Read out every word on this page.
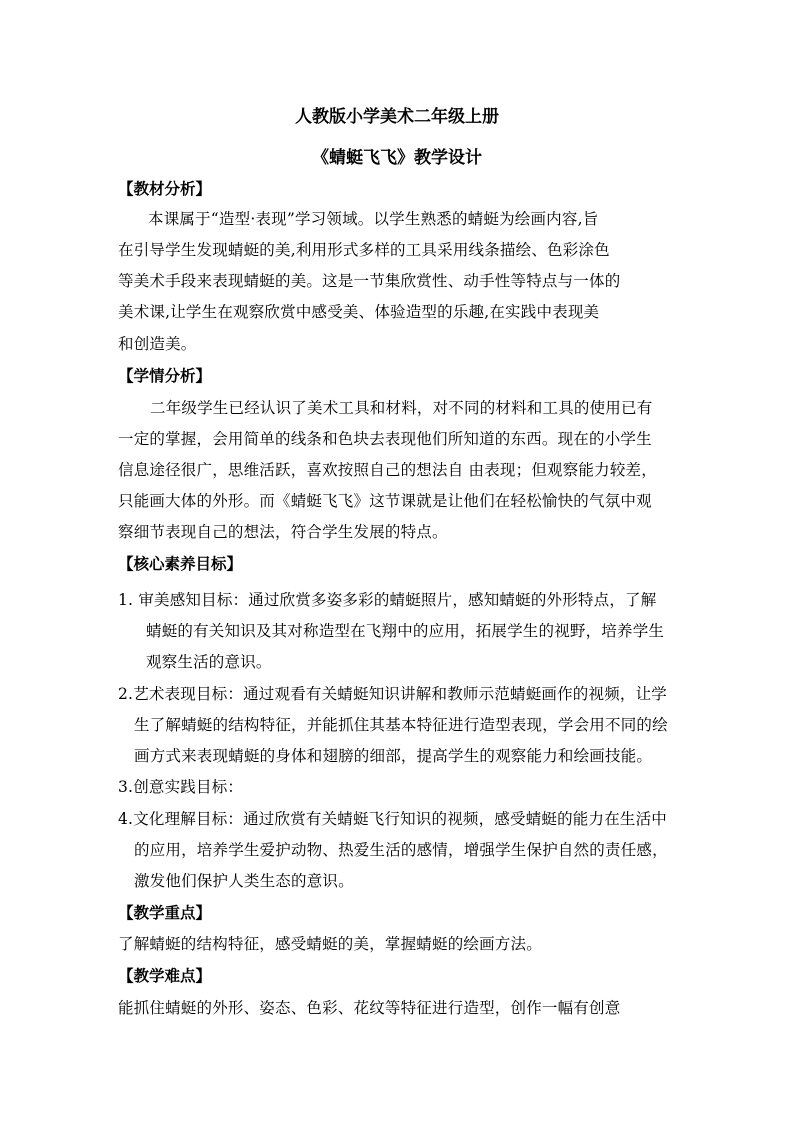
人教版小学美术二年级上册
《蜻蜓飞飞》教学设计
【教材分析】
本课属于“造型·表现”学习领域。以学生熟悉的蜻蜓为绘画内容,旨
在引导学生发现蜻蜓的美,利用形式多样的工具采用线条描绘、色彩涂色
等美术手段来表现蜻蜓的美。这是一节集欣赏性、动手性等特点与一体的
美术课,让学生在观察欣赏中感受美、体验造型的乐趣,在实践中表现美
和创造美。
【学情分析】
二年级学生已经认识了美术工具和材料，对不同的材料和工具的使用已有
一定的掌握，会用简单的线条和色块去表现他们所知道的东西。现在的小学生
信息途径很广，思维活跃，喜欢按照自己的想法自 由表现；但观察能力较差，
只能画大体的外形。而《蜻蜓飞飞》这节课就是让他们在轻松愉快的气氛中观
察细节表现自己的想法，符合学生发展的特点。
【核心素养目标】
1. 审美感知目标：通过欣赏多姿多彩的蜻蜓照片，感知蜻蜓的外形特点，了解
蜻蜓的有关知识及其对称造型在飞翔中的应用，拓展学生的视野，培养学生
观察生活的意识。
2.艺术表现目标：通过观看有关蜻蜓知识讲解和教师示范蜻蜓画作的视频，让学
生了解蜻蜓的结构特征，并能抓住其基本特征进行造型表现，学会用不同的绘
画方式来表现蜻蜓的身体和翅膀的细部，提高学生的观察能力和绘画技能。
3.创意实践目标：
4.文化理解目标：通过欣赏有关蜻蜓飞行知识的视频，感受蜻蜓的能力在生活中
的应用，培养学生爱护动物、热爱生活的感情，增强学生保护自然的责任感，
激发他们保护人类生态的意识。
【教学重点】
了解蜻蜓的结构特征，感受蜻蜓的美，掌握蜻蜓的绘画方法。
【教学难点】
能抓住蜻蜓的外形、姿态、色彩、花纹等特征进行造型，创作一幅有创意
